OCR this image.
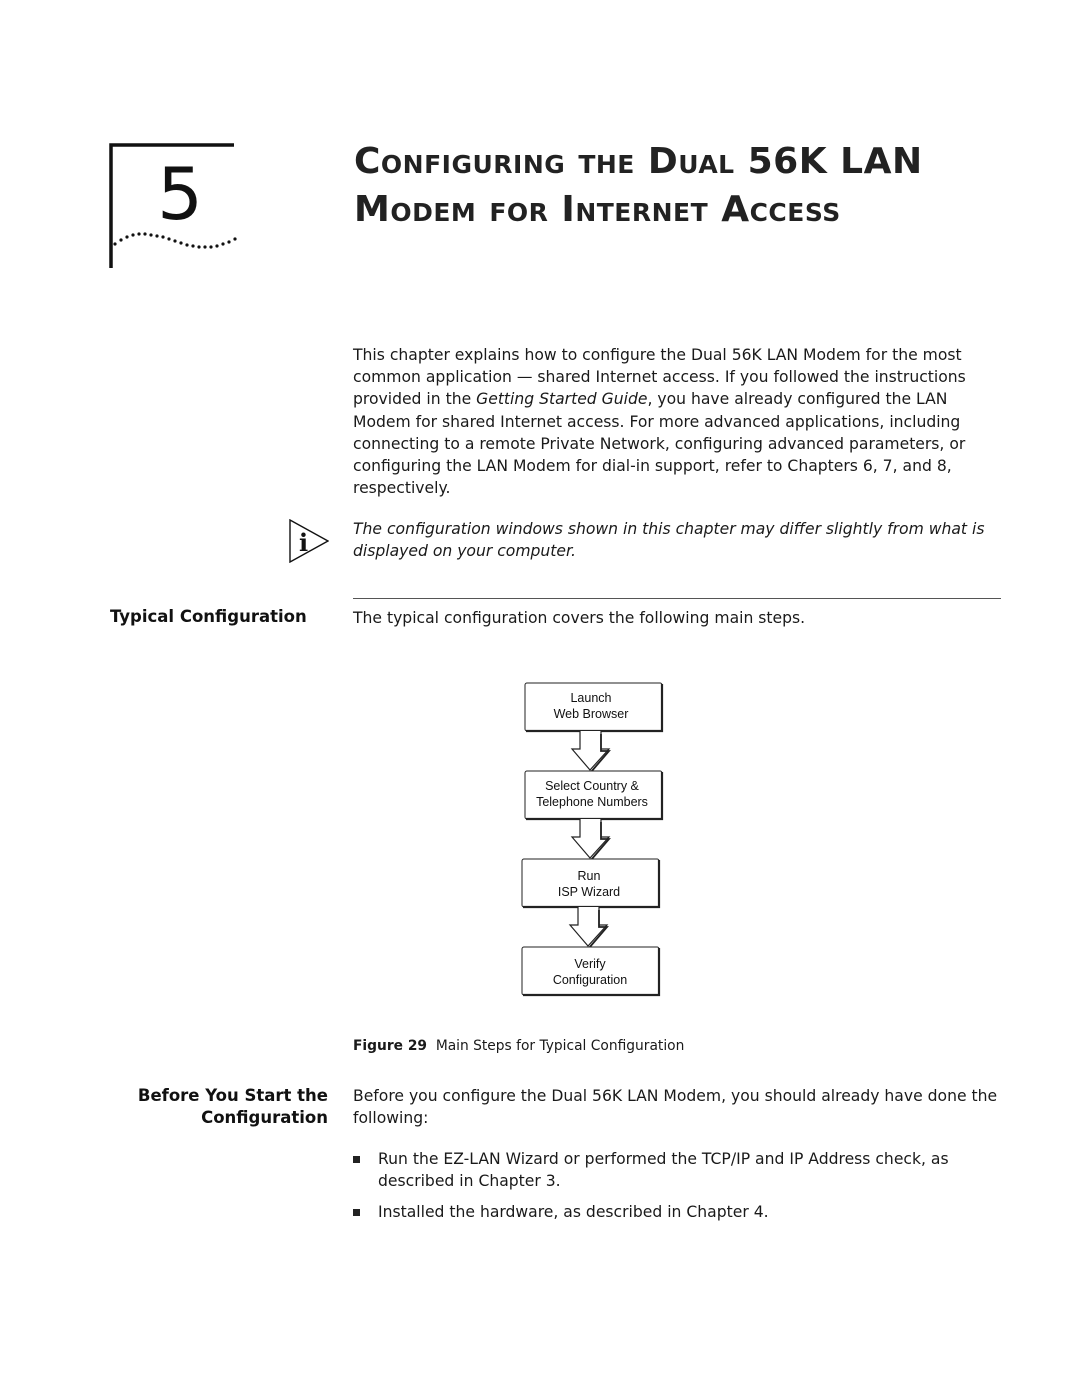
5	Configuring the Dual 56K LAN
Modem for Internet Access
This chapter explains how to configure the Dual 56K LAN Modem for the most common application — shared Internet access. If you followed the instructions provided in the Getting Started Guide, you have already configured the LAN Modem for shared Internet access. For more advanced applications, including connecting to a remote Private Network, configuring advanced parameters, or configuring the LAN Modem for dial-in support, refer to Chapters 6, 7, and 8, respectively.
i	The configuration windows shown in this chapter may differ slightly from what is displayed on your computer.
Typical Configuration	The typical configuration covers the following main steps.
Launch
Web Browser
Select Country &
Telephone Numbers
Run
ISP Wizard
Verify
Configuration
Figure 29 Main Steps for Typical Configuration
Before You Start the
Configuration
Before you configure the Dual 56K LAN Modem, you should already have done the following:
Run the EZ-LAN Wizard or performed the TCP/IP and IP Address check, as described in Chapter 3.
Installed the hardware, as described in Chapter 4.
